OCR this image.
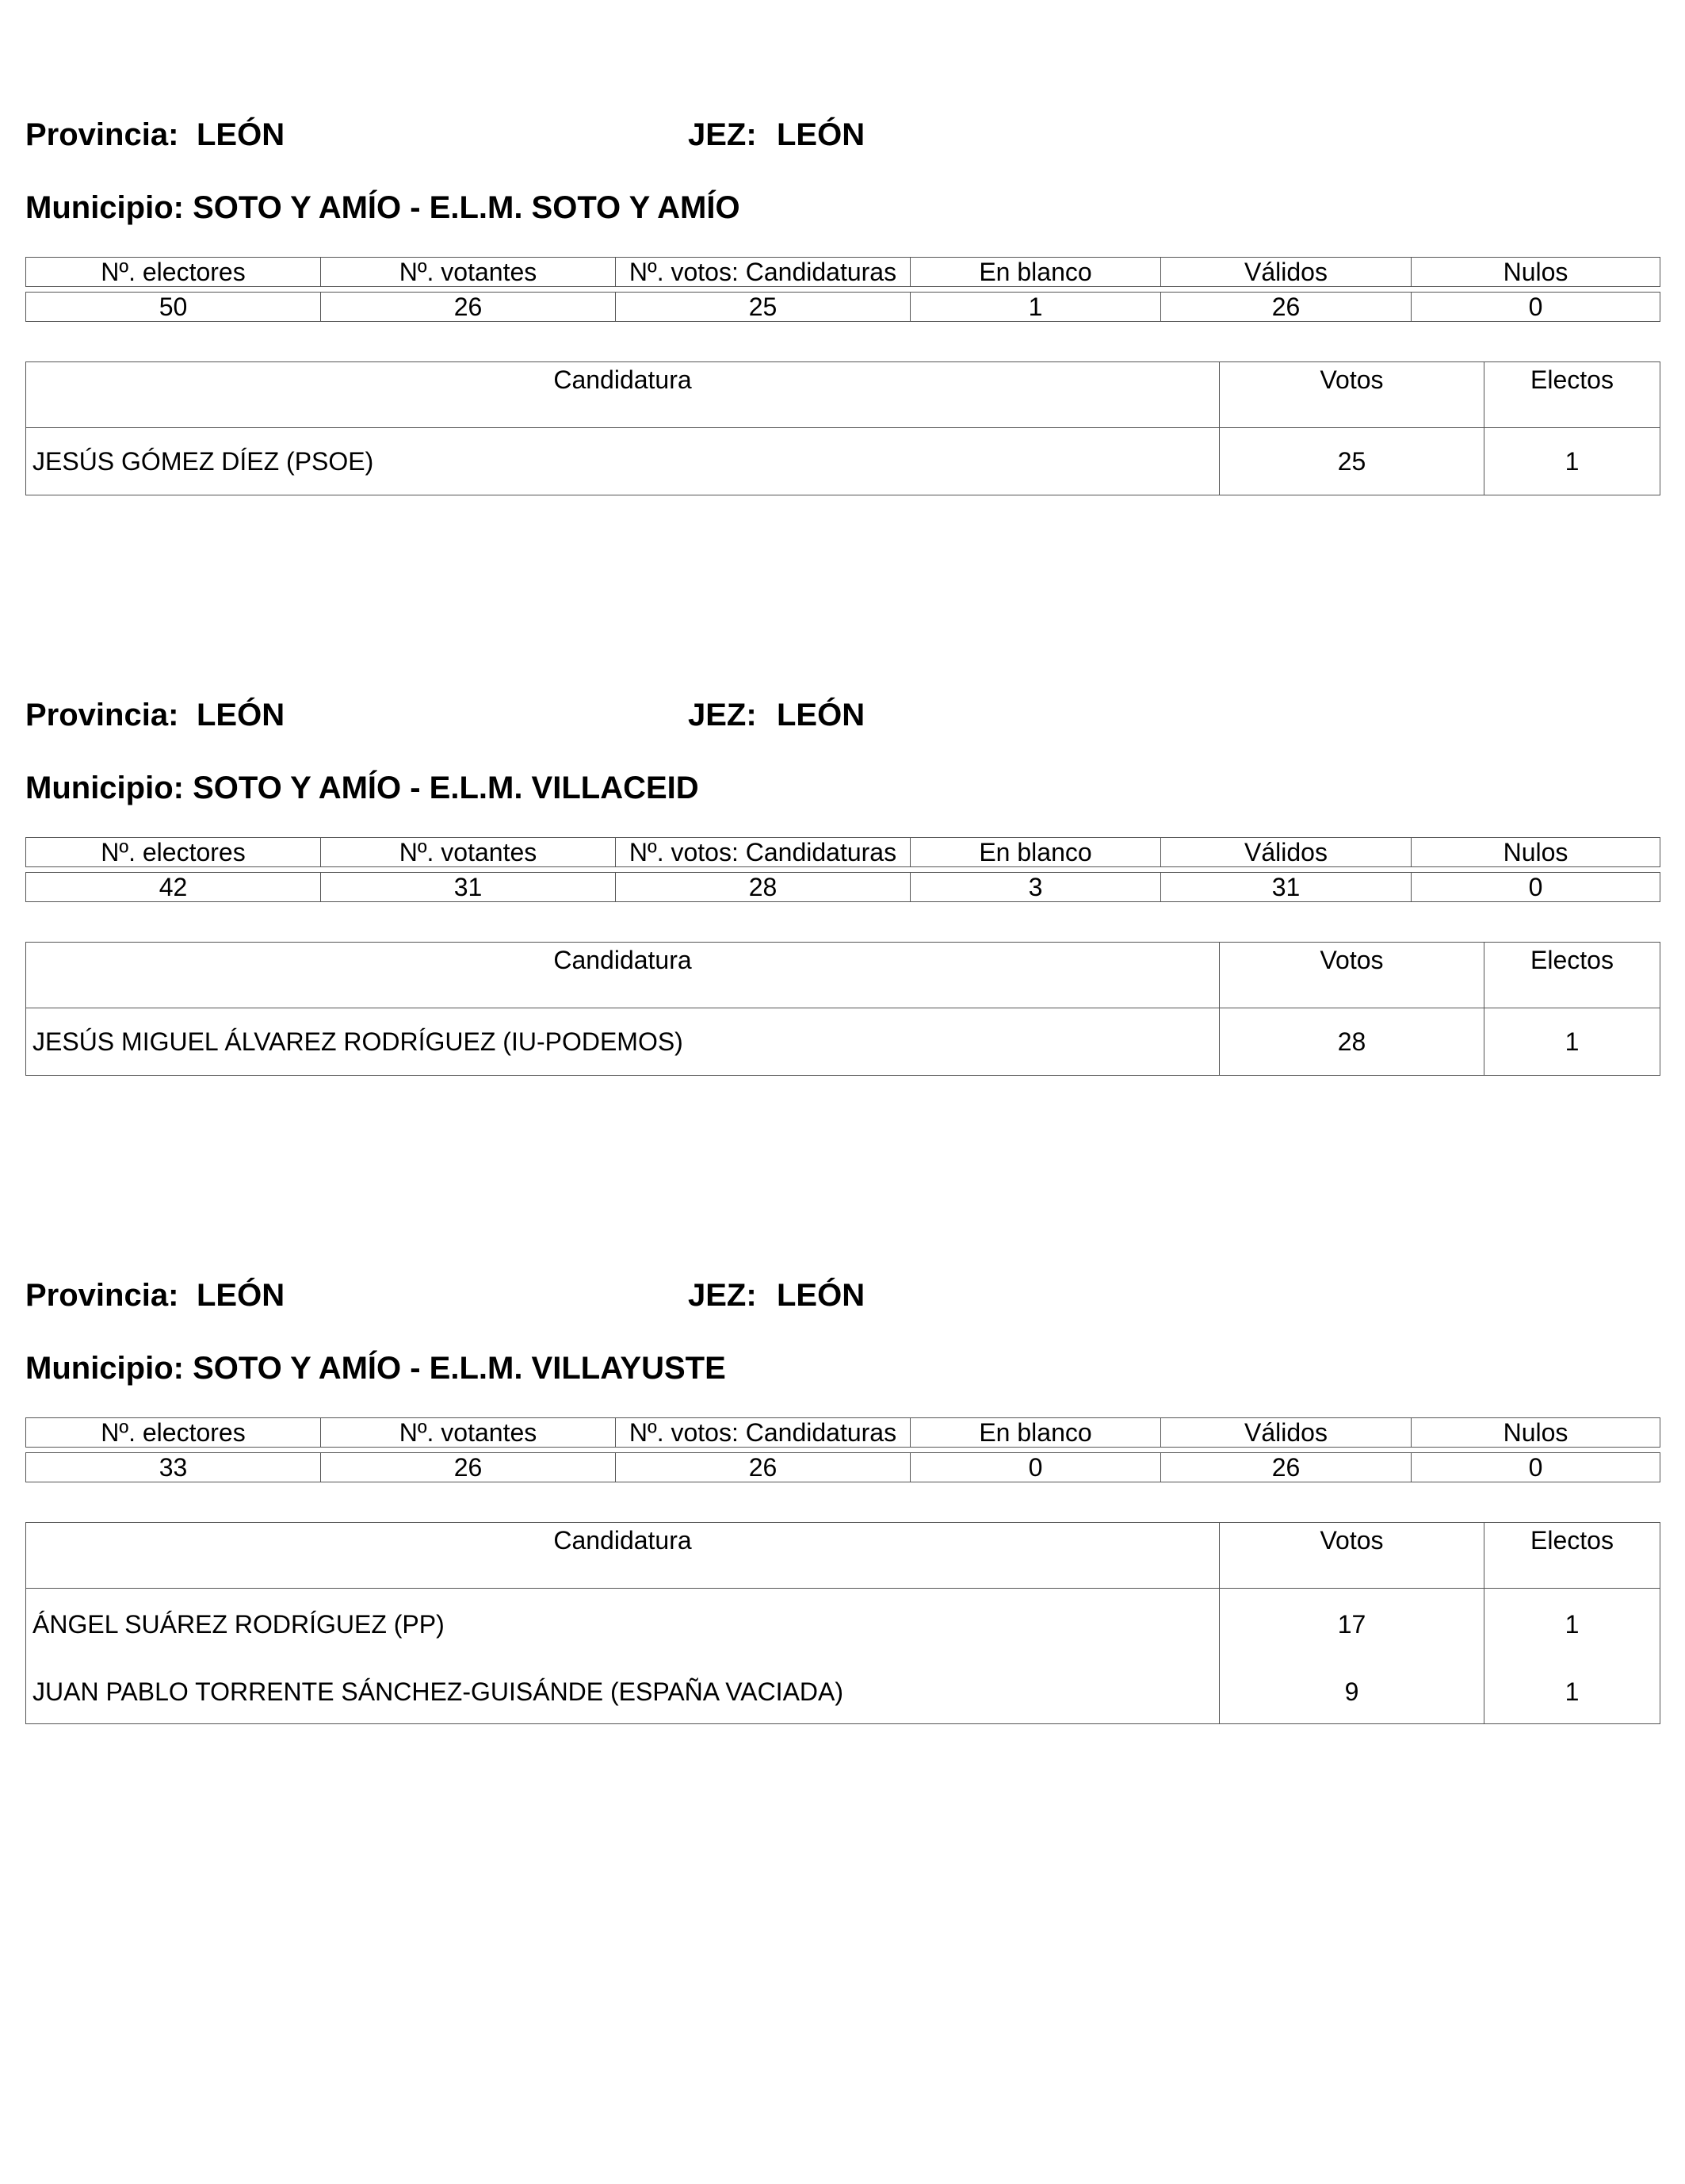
Provincia: LEÓN	JEZ: LEÓN
Municipio: SOTO Y AMÍO - E.L.M. SOTO Y AMÍO
Nº. electores	Nº. votantes	Nº. votos: Candidaturas	En blanco	Válidos	Nulos
50	26	25	1	26	0
Candidatura	Votos	Electos
JESÚS GÓMEZ DÍEZ (PSOE)	25	1
Provincia: LEÓN	JEZ: LEÓN
Municipio: SOTO Y AMÍO - E.L.M. VILLACEID
Nº. electores	Nº. votantes	Nº. votos: Candidaturas	En blanco	Válidos	Nulos
42	31	28	3	31	0
Candidatura	Votos	Electos
JESÚS MIGUEL ÁLVAREZ RODRÍGUEZ (IU-PODEMOS)	28	1
Provincia: LEÓN	JEZ: LEÓN
Municipio: SOTO Y AMÍO - E.L.M. VILLAYUSTE
Nº. electores	Nº. votantes	Nº. votos: Candidaturas	En blanco	Válidos	Nulos
33	26	26	0	26	0
Candidatura	Votos	Electos
ÁNGEL SUÁREZ RODRÍGUEZ (PP)	17	1
JUAN PABLO TORRENTE SÁNCHEZ-GUISÁNDE (ESPAÑA VACIADA)	9	1
